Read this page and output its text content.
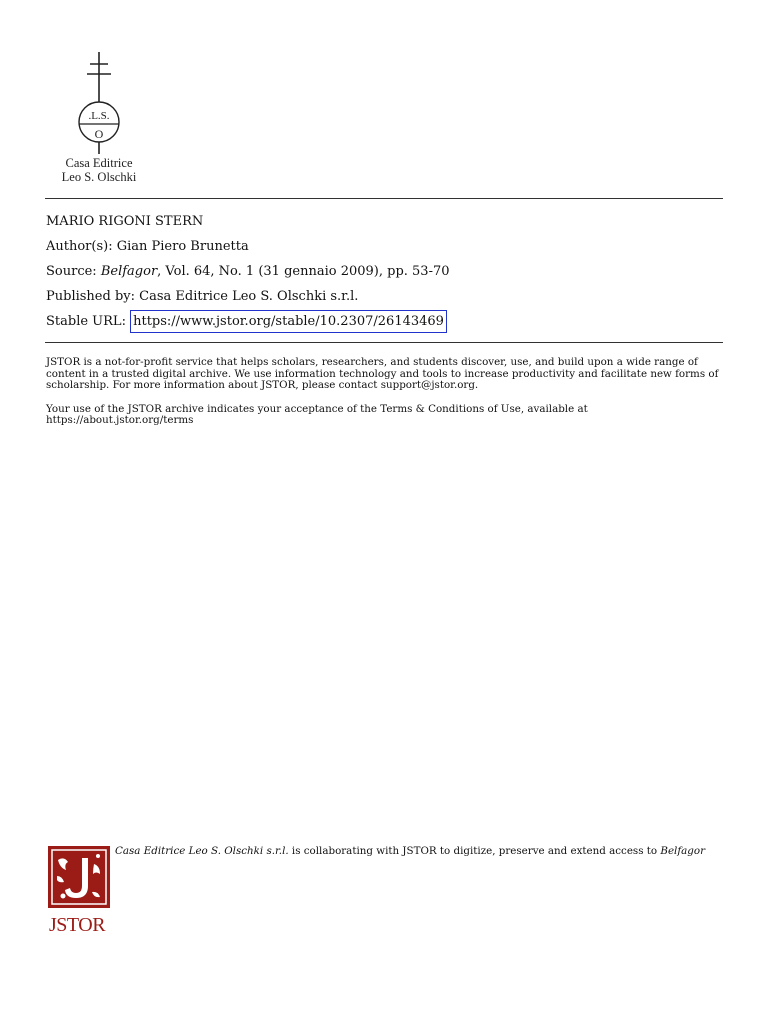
.L.S.
O
Casa Editrice
Leo S. Olschki
MARIO RIGONI STERN
Author(s): Gian Piero Brunetta
Source: Belfagor, Vol. 64, No. 1 (31 gennaio 2009), pp. 53-70
Published by: Casa Editrice Leo S. Olschki s.r.l.
Stable URL: https://www.jstor.org/stable/10.2307/26143469

JSTOR is a not-for-profit service that helps scholars, researchers, and students discover, use, and build upon a wide range of content in a trusted digital archive. We use information technology and tools to increase productivity and facilitate new forms of scholarship. For more information about JSTOR, please contact support@jstor.org.

Your use of the JSTOR archive indicates your acceptance of the Terms & Conditions of Use, available at https://about.jstor.org/terms

JSTOR
Casa Editrice Leo S. Olschki s.r.l. is collaborating with JSTOR to digitize, preserve and extend access to Belfagor
